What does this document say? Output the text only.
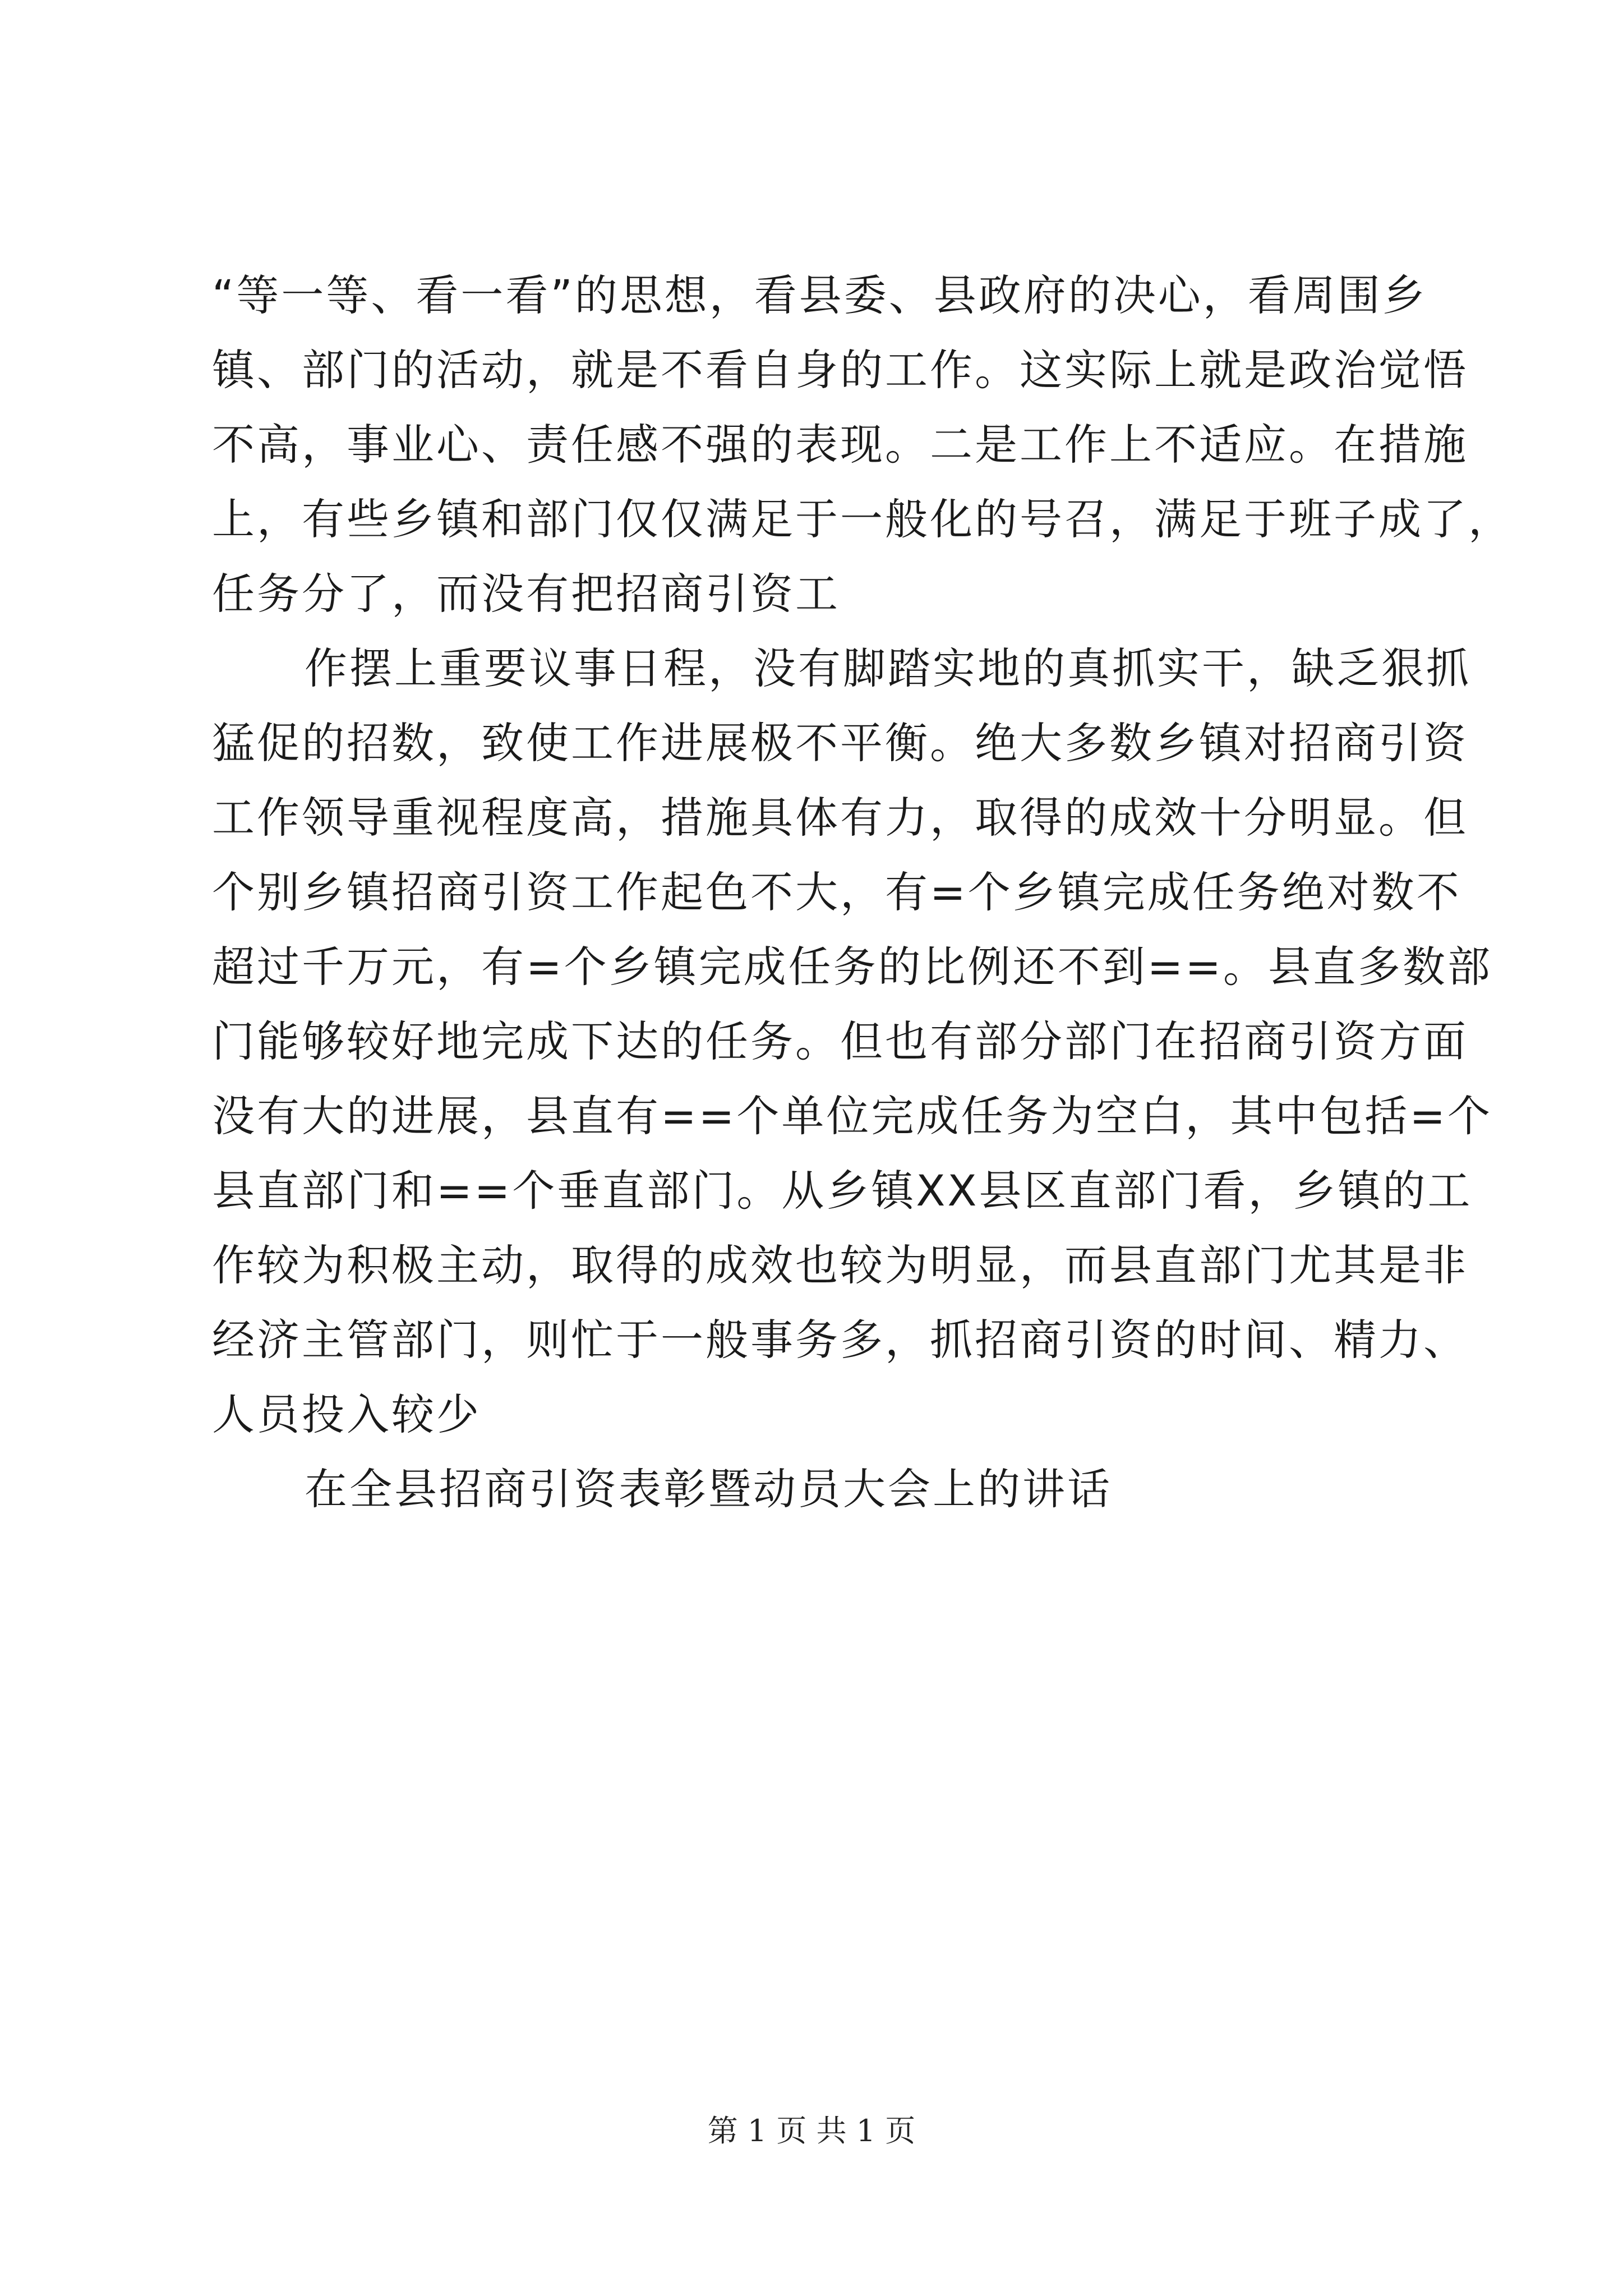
“等一等、看一看”的思想，看县委、县政府的决心，看周围乡
镇、部门的活动，就是不看自身的工作。这实际上就是政治觉悟
不高，事业心、责任感不强的表现。二是工作上不适应。在措施
上，有些乡镇和部门仅仅满足于一般化的号召，满足于班子成了，
任务分了，而没有把招商引资工
作摆上重要议事日程，没有脚踏实地的真抓实干，缺乏狠抓
猛促的招数，致使工作进展极不平衡。绝大多数乡镇对招商引资
工作领导重视程度高，措施具体有力，取得的成效十分明显。但
个别乡镇招商引资工作起色不大，有=个乡镇完成任务绝对数不
超过千万元，有=个乡镇完成任务的比例还不到==。县直多数部
门能够较好地完成下达的任务。但也有部分部门在招商引资方面
没有大的进展，县直有==个单位完成任务为空白，其中包括=个
县直部门和==个垂直部门。从乡镇XX县区直部门看，乡镇的工
作较为积极主动，取得的成效也较为明显，而县直部门尤其是非
经济主管部门，则忙于一般事务多，抓招商引资的时间、精力、
人员投入较少
在全县招商引资表彰暨动员大会上的讲话
第 1 页 共 1 页
